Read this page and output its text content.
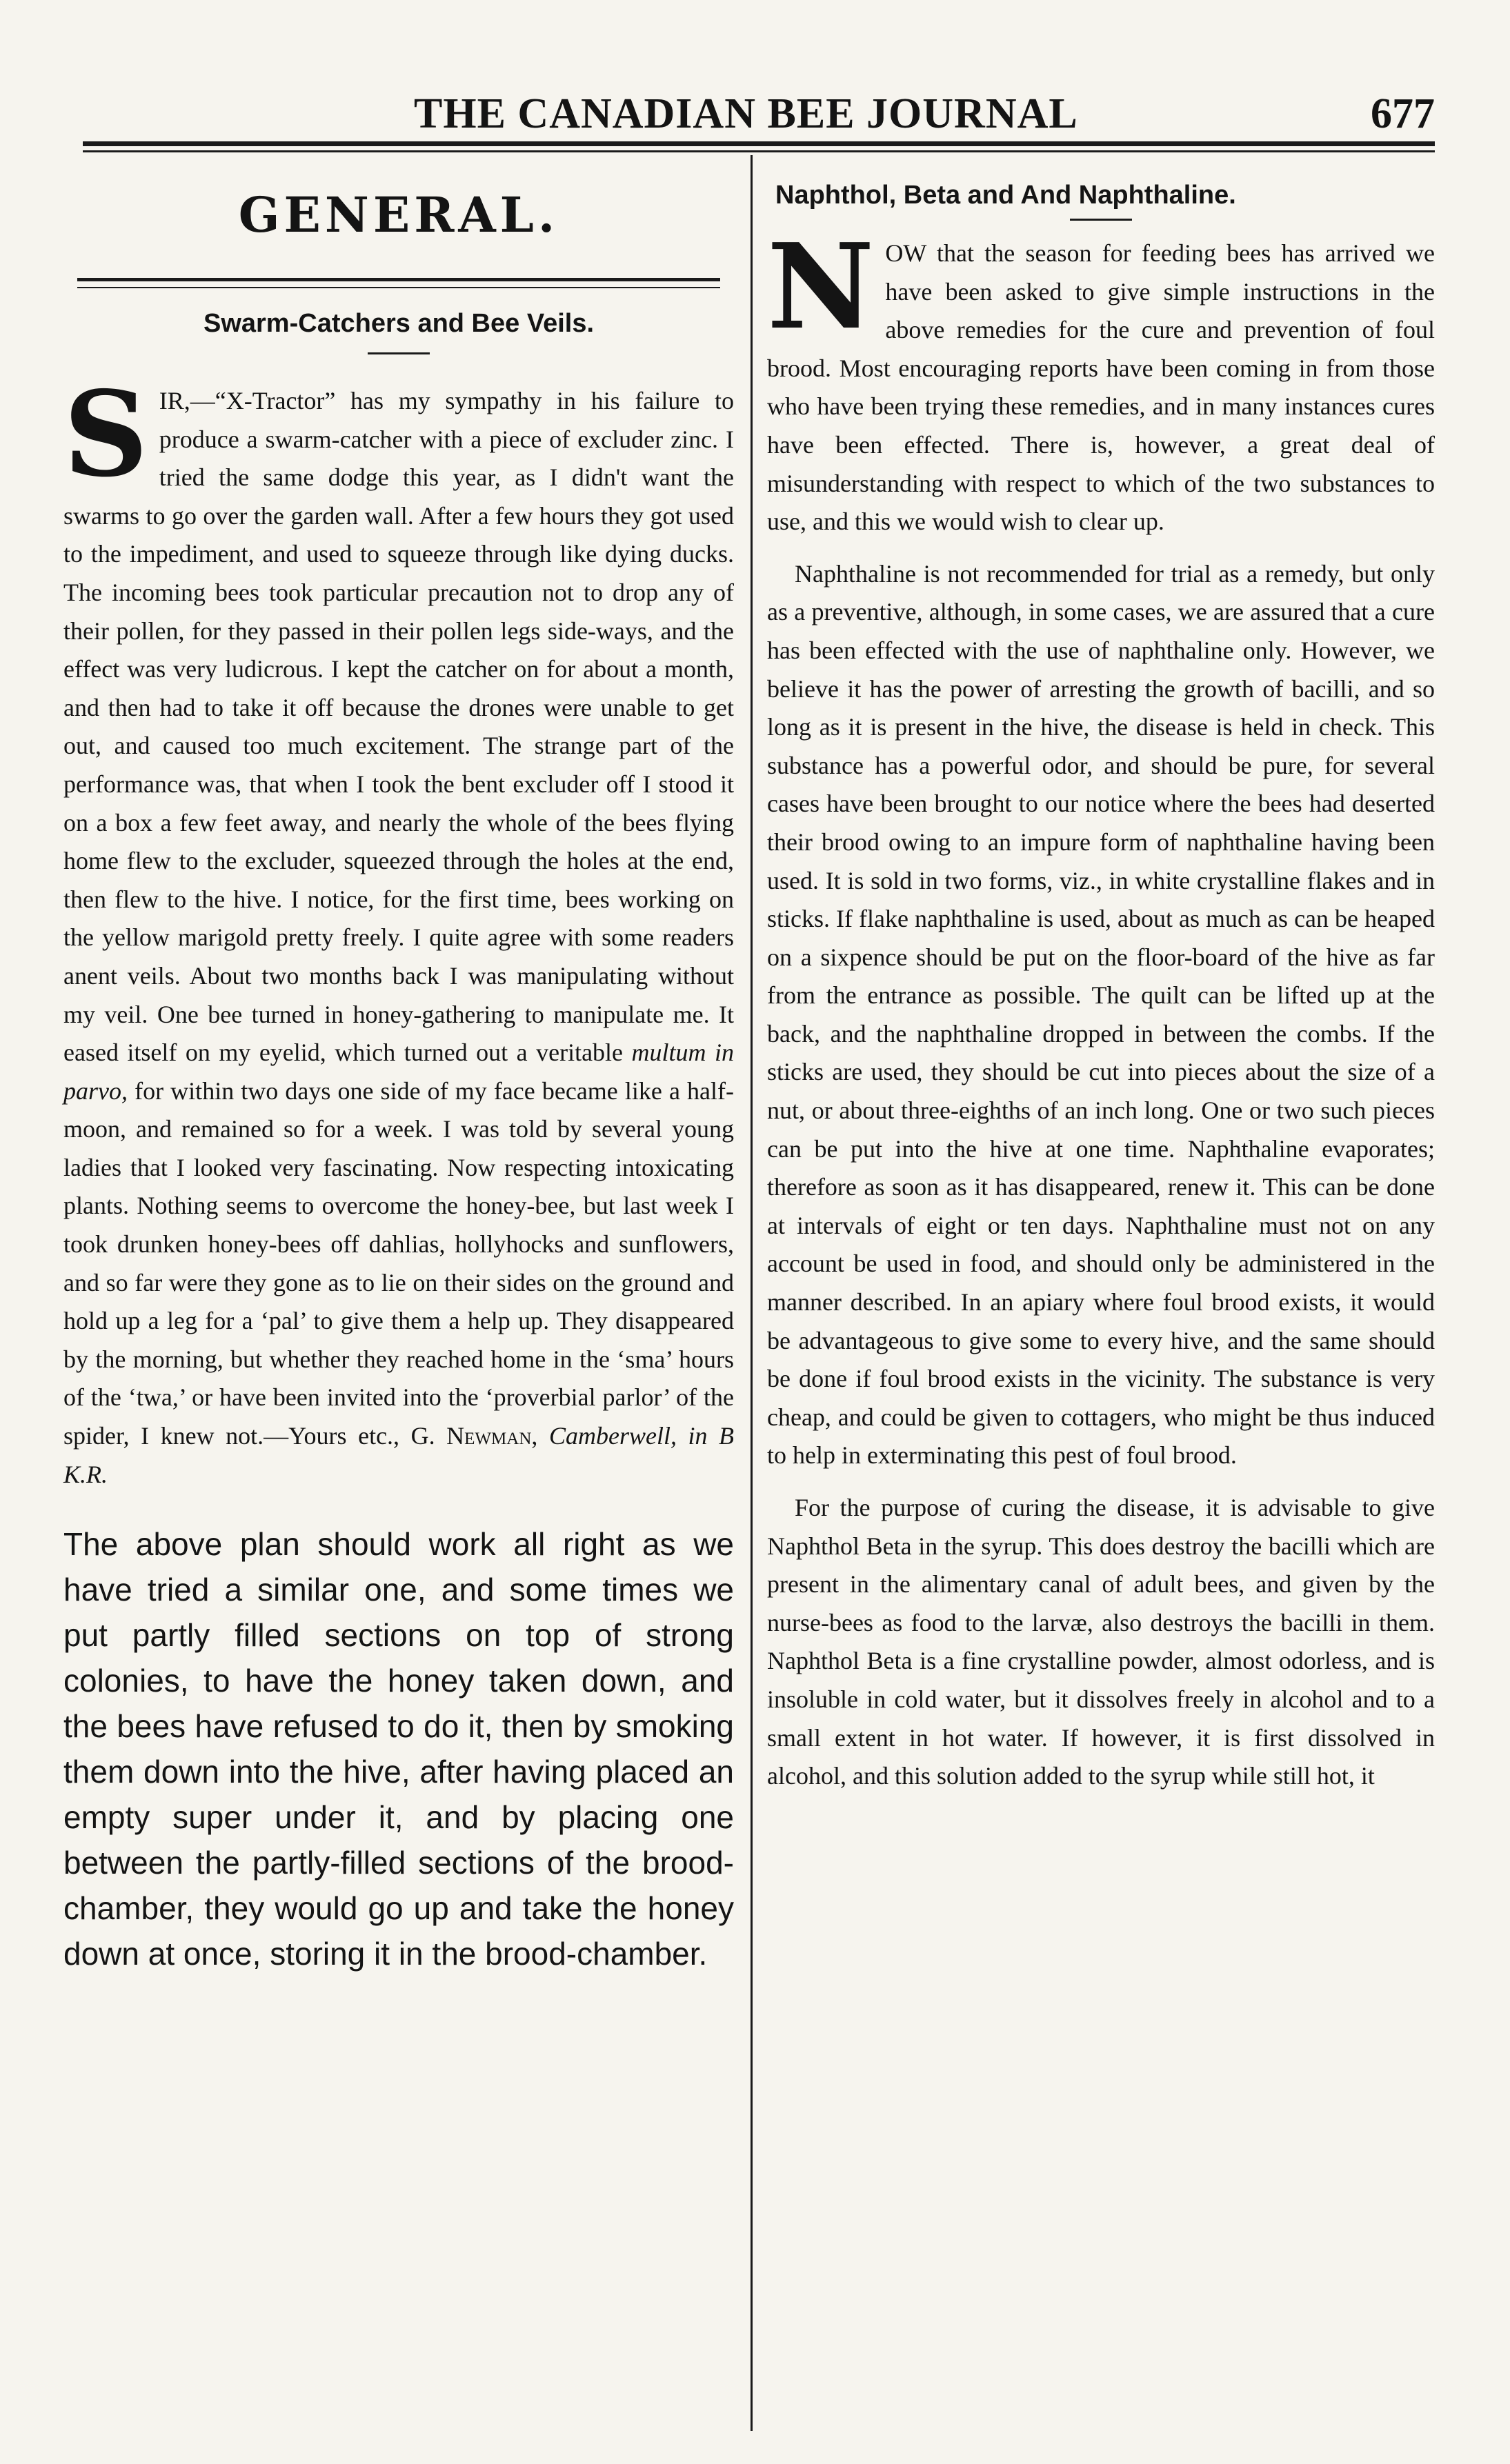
THE CANADIAN BEE JOURNAL	677
GENERAL.
Swarm-Catchers and Bee Veils.

SIR,—“X-Tractor” has my sympathy in his failure to produce a swarm-catcher with a piece of excluder zinc. I tried the same dodge this year, as I didn't want the swarms to go over the garden wall. After a few hours they got used to the impediment, and used to squeeze through like dying ducks. The incoming bees took particular precaution not to drop any of their pollen, for they passed in their pollen legs side-ways, and the effect was very ludicrous. I kept the catcher on for about a month, and then had to take it off because the drones were unable to get out, and caused too much excitement. The strange part of the performance was, that when I took the bent excluder off I stood it on a box a few feet away, and nearly the whole of the bees flying home flew to the excluder, squeezed through the holes at the end, then flew to the hive. I notice, for the first time, bees working on the yellow marigold pretty freely. I quite agree with some readers anent veils. About two months back I was manipulating without my veil. One bee turned in honey-gathering to manipulate me. It eased itself on my eyelid, which turned out a veritable multum in parvo, for within two days one side of my face became like a half-moon, and remained so for a week. I was told by several young ladies that I looked very fascinating. Now respecting intoxicating plants. Nothing seems to overcome the honey-bee, but last week I took drunken honey-bees off dahlias, hollyhocks and sunflowers, and so far were they gone as to lie on their sides on the ground and hold up a leg for a ‘pal’ to give them a help up. They disappeared by the morning, but whether they reached home in the ‘sma’ hours of the ‘twa,’ or have been invited into the ‘proverbial parlor’ of the spider, I knew not.—Yours etc., G. Newman, Camberwell, in B K.R.

The above plan should work all right as we have tried a similar one, and some times we put partly filled sections on top of strong colonies, to have the honey taken down, and the bees have refused to do it, then by smoking them down into the hive, after having placed an empty super under it, and by placing one between the partly-filled sections of the brood-chamber, they would go up and take the honey down at once, storing it in the brood-chamber.

Naphthol, Beta and And Naphthaline.

NOW that the season for feeding bees has arrived we have been asked to give simple instructions in the above remedies for the cure and prevention of foul brood. Most encouraging reports have been coming in from those who have been trying these remedies, and in many instances cures have been effected. There is, however, a great deal of misunderstanding with respect to which of the two substances to use, and this we would wish to clear up.

Naphthaline is not recommended for trial as a remedy, but only as a preventive, although, in some cases, we are assured that a cure has been effected with the use of naphthaline only. However, we believe it has the power of arresting the growth of bacilli, and so long as it is present in the hive, the disease is held in check. This substance has a powerful odor, and should be pure, for several cases have been brought to our notice where the bees had deserted their brood owing to an impure form of naphthaline having been used. It is sold in two forms, viz., in white crystalline flakes and in sticks. If flake naphthaline is used, about as much as can be heaped on a sixpence should be put on the floor-board of the hive as far from the entrance as possible. The quilt can be lifted up at the back, and the naphthaline dropped in between the combs. If the sticks are used, they should be cut into pieces about the size of a nut, or about three-eighths of an inch long. One or two such pieces can be put into the hive at one time. Naphthaline evaporates; therefore as soon as it has disappeared, renew it. This can be done at intervals of eight or ten days. Naphthaline must not on any account be used in food, and should only be administered in the manner described. In an apiary where foul brood exists, it would be advantageous to give some to every hive, and the same should be done if foul brood exists in the vicinity. The substance is very cheap, and could be given to cottagers, who might be thus induced to help in exterminating this pest of foul brood.

For the purpose of curing the disease, it is advisable to give Naphthol Beta in the syrup. This does destroy the bacilli which are present in the alimentary canal of adult bees, and given by the nurse-bees as food to the larvæ, also destroys the bacilli in them. Naphthol Beta is a fine crystalline powder, almost odorless, and is insoluble in cold water, but it dissolves freely in alcohol and to a small extent in hot water. If however, it is first dissolved in alcohol, and this solution added to the syrup while still hot, it
